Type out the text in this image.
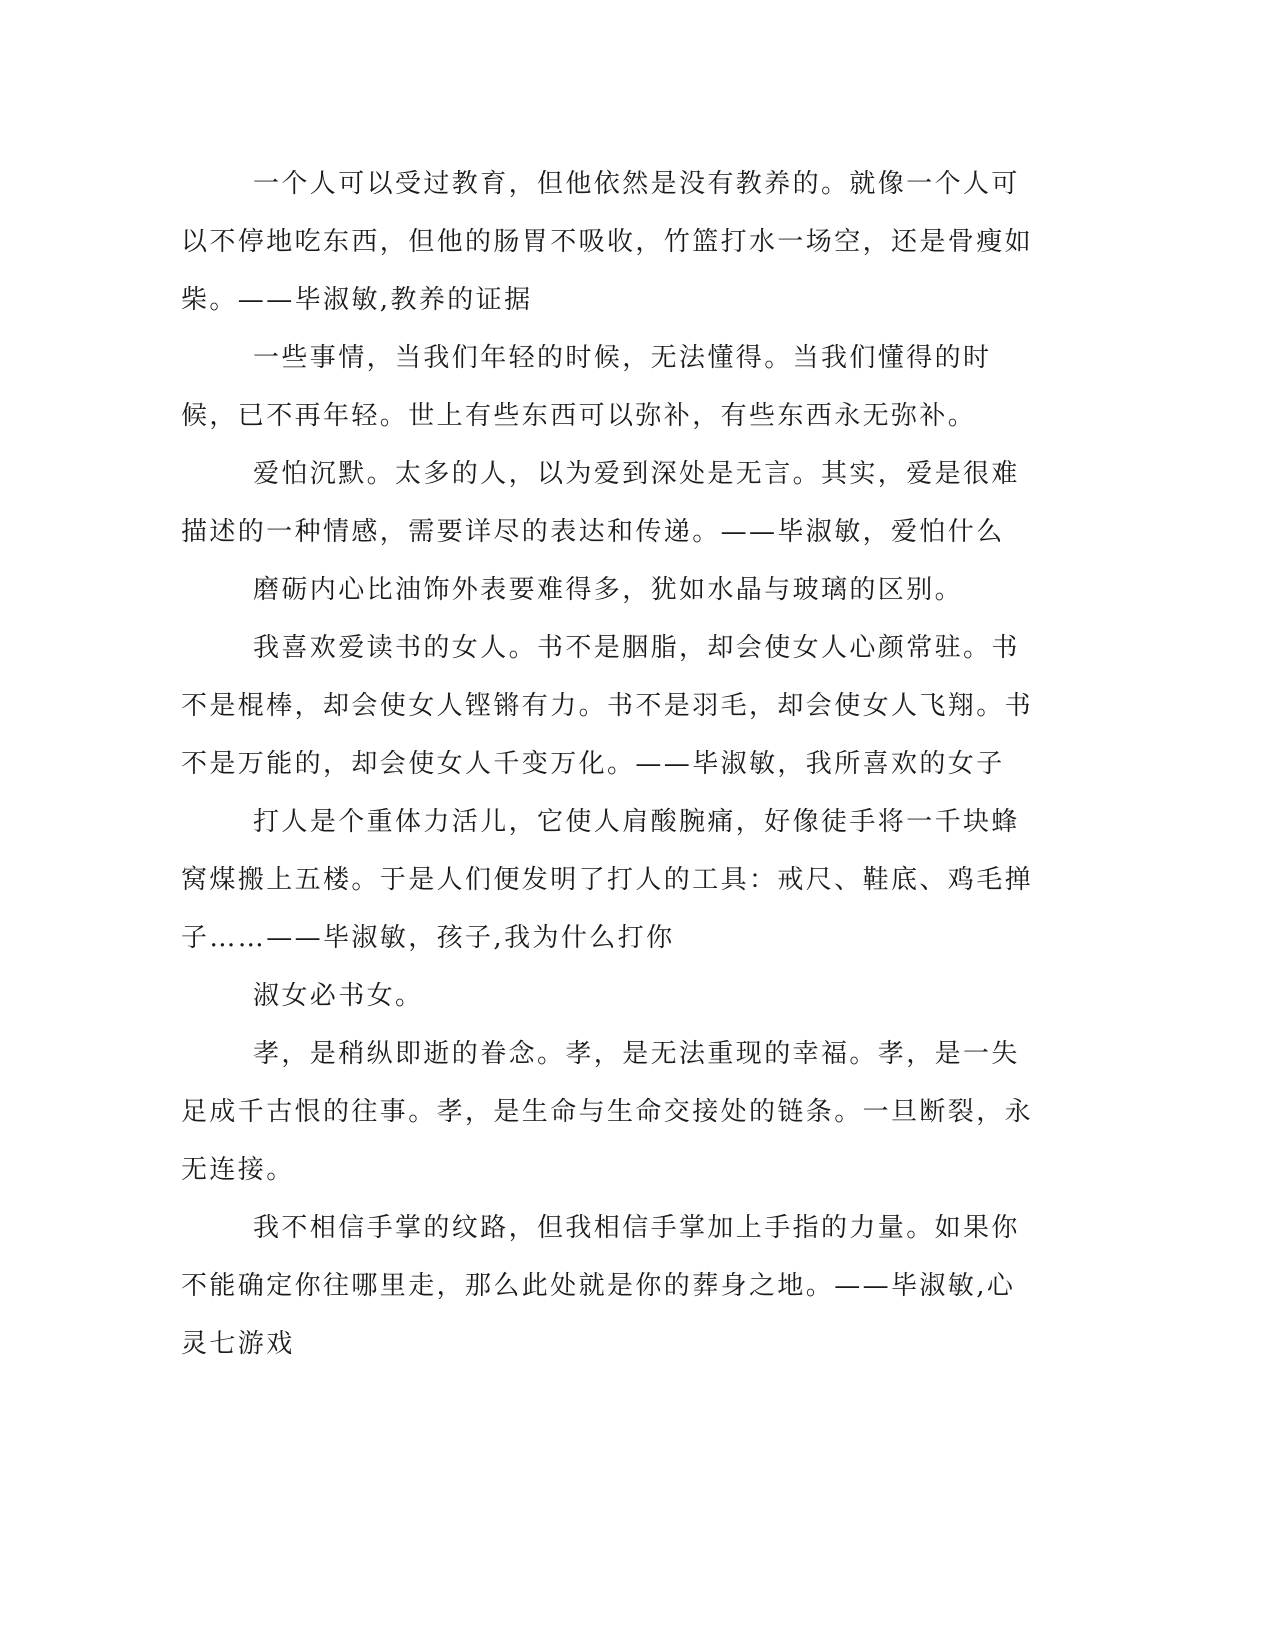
一个人可以受过教育，但他依然是没有教养的。就像一个人可以不停地吃东西，但他的肠胃不吸收，竹篮打水一场空，还是骨瘦如柴。——毕淑敏,教养的证据

一些事情，当我们年轻的时候，无法懂得。当我们懂得的时候，已不再年轻。世上有些东西可以弥补，有些东西永无弥补。

爱怕沉默。太多的人，以为爱到深处是无言。其实，爱是很难描述的一种情感，需要详尽的表达和传递。——毕淑敏，爱怕什么

磨砺内心比油饰外表要难得多，犹如水晶与玻璃的区别。

我喜欢爱读书的女人。书不是胭脂，却会使女人心颜常驻。书不是棍棒，却会使女人铿锵有力。书不是羽毛，却会使女人飞翔。书不是万能的，却会使女人千变万化。——毕淑敏，我所喜欢的女子

打人是个重体力活儿，它使人肩酸腕痛，好像徒手将一千块蜂窝煤搬上五楼。于是人们便发明了打人的工具：戒尺、鞋底、鸡毛掸子……——毕淑敏，孩子,我为什么打你

淑女必书女。

孝，是稍纵即逝的眷念。孝，是无法重现的幸福。孝，是一失足成千古恨的往事。孝，是生命与生命交接处的链条。一旦断裂，永无连接。

我不相信手掌的纹路，但我相信手掌加上手指的力量。如果你不能确定你往哪里走，那么此处就是你的葬身之地。——毕淑敏,心灵七游戏
